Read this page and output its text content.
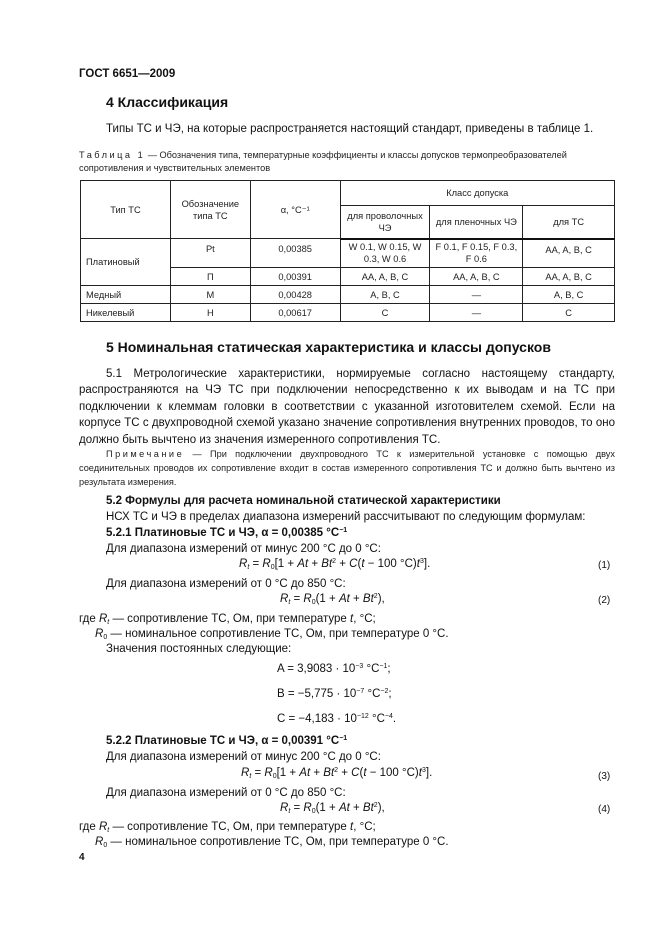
ГОСТ 6651—2009
4 Классификация
Типы ТС и ЧЭ, на которые распространяется настоящий стандарт, приведены в таблице 1.
Таблица 1 — Обозначения типа, температурные коэффициенты и классы допусков термопреобразователей сопротивления и чувствительных элементов
Тип ТС	Обозначение типа ТС	α, °C⁻¹	Класс допуска		
			для проволочных ЧЭ	для пленочных ЧЭ	для ТС
Платиновый	Pt	0,00385	W 0.1, W 0.15, W 0.3, W 0.6	F 0.1, F 0.15, F 0.3, F 0.6	AA, A, B, C
	П	0,00391	AA, A, B, C	AA, A, B, C	AA, A, B, C
Медный	М	0,00428	A, B, C	—	A, B, C
Никелевый	Н	0,00617	C	—	C
5 Номинальная статическая характеристика и классы допусков
5.1 Метрологические характеристики, нормируемые согласно настоящему стандарту, распространяются на ЧЭ ТС при подключении непосредственно к их выводам и на ТС при подключении к клеммам головки в соответствии с указанной изготовителем схемой. Если на корпусе ТС с двухпроводной схемой указано значение сопротивления внутренних проводов, то оно должно быть вычтено из значения измеренного сопротивления ТС.
Примечание — При подключении двухпроводного ТС к измерительной установке с помощью двух соединительных проводов их сопротивление входит в состав измеренного сопротивления ТС и должно быть вычтено из результата измерения.
5.2 Формулы для расчета номинальной статической характеристики
НСХ ТС и ЧЭ в пределах диапазона измерений рассчитывают по следующим формулам:
5.2.1 Платиновые ТС и ЧЭ, α = 0,00385 $^\circ C^{-1}$
Для диапазона измерений от минус 200 °C до 0 °C:
$R_t = R_0[1 + At + Bt^2 + C(t - 100$ $^\circ C)t^3$].	(1)
Для диапазона измерений от 0 °C до 850 °C:
$R_t = R_0(1 + At + Bt^2)$,	(2)
где $R_t$ — сопротивление ТС, Ом, при температуре t, °C;
$R_0$ — номинальное сопротивление ТС, Ом, при температуре 0 °C.
Значения постоянных следующие:
$A = 3,9083 \cdot 10^{-3}$ $^\circ C^{-1}$;
$B = -5,775 \cdot 10^{-7}$ $^\circ C^{-2}$;
$C = -4,183 \cdot 10^{-12}$ $^\circ C^{-4}$.
5.2.2 Платиновые ТС и ЧЭ, α = 0,00391 $^\circ C^{-1}$
Для диапазона измерений от минус 200 °C до 0 °C:
$R_t = R_0[1 + At + Bt^2 + C(t - 100$ $^\circ C)t^3$].	(3)
Для диапазона измерений от 0 °C до 850 °C:
$R_t = R_0(1 + At + Bt^2)$,	(4)
где $R_t$ — сопротивление ТС, Ом, при температуре t, °C;
$R_0$ — номинальное сопротивление ТС, Ом, при температуре 0 °C.
4
